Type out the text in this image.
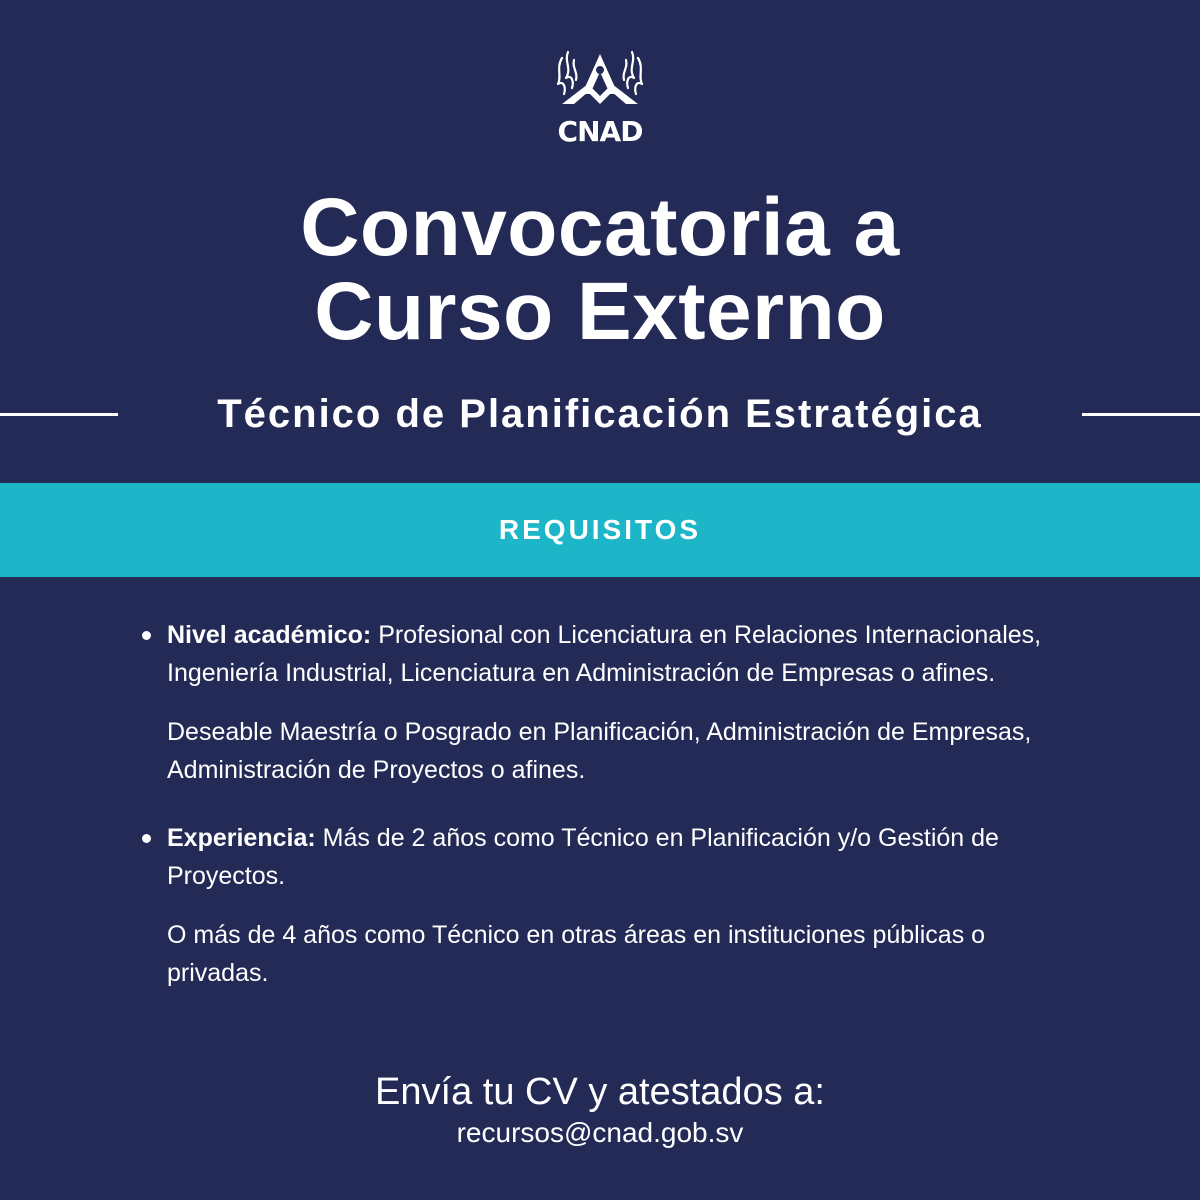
CNAD
Convocatoria a
Curso Externo
Técnico de Planificación Estratégica
REQUISITOS

Nivel académico: Profesional con Licenciatura en Relaciones Internacionales, Ingeniería Industrial, Licenciatura en Administración de Empresas o afines.

Deseable Maestría o Posgrado en Planificación, Administración de Empresas, Administración de Proyectos o afines.

Experiencia: Más de 2 años como Técnico en Planificación y/o Gestión de Proyectos.

O más de 4 años como Técnico en otras áreas en instituciones públicas o privadas.

Envía tu CV y atestados a:
recursos@cnad.gob.sv
